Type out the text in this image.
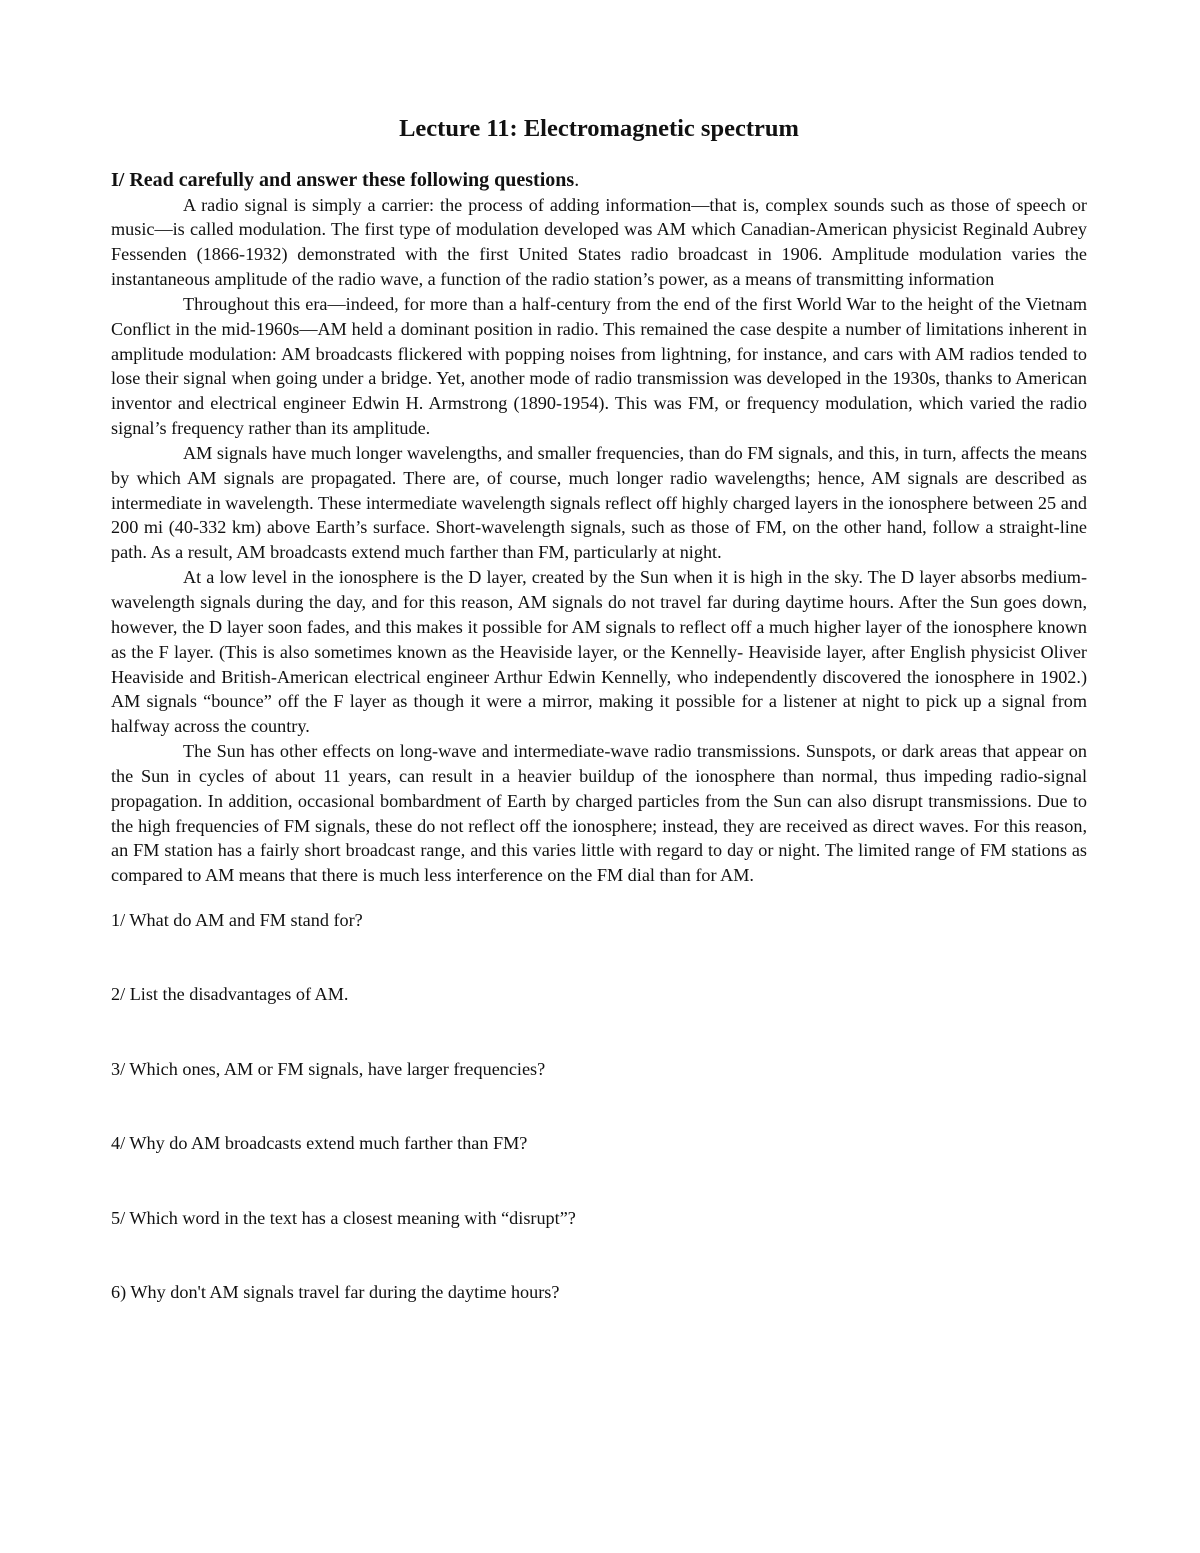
Lecture 11: Electromagnetic spectrum

I/ Read carefully and answer these following questions.

A radio signal is simply a carrier: the process of adding information—that is, complex sounds such as those of speech or music—is called modulation. The first type of modulation developed was AM which Canadian-American physicist Reginald Aubrey Fessenden (1866-1932) demonstrated with the first United States radio broadcast in 1906. Amplitude modulation varies the instantaneous amplitude of the radio wave, a function of the radio station’s power, as a means of transmitting information

Throughout this era—indeed, for more than a half-century from the end of the first World War to the height of the Vietnam Conflict in the mid-1960s—AM held a dominant position in radio. This remained the case despite a number of limitations inherent in amplitude modulation: AM broadcasts flickered with popping noises from lightning, for instance, and cars with AM radios tended to lose their signal when going under a bridge. Yet, another mode of radio transmission was developed in the 1930s, thanks to American inventor and electrical engineer Edwin H. Armstrong (1890-1954). This was FM, or frequency modulation, which varied the radio signal’s frequency rather than its amplitude.

AM signals have much longer wavelengths, and smaller frequencies, than do FM signals, and this, in turn, affects the means by which AM signals are propagated. There are, of course, much longer radio wavelengths; hence, AM signals are described as intermediate in wavelength. These intermediate wavelength signals reflect off highly charged layers in the ionosphere between 25 and 200 mi (40-332 km) above Earth’s surface. Short-wavelength signals, such as those of FM, on the other hand, follow a straight-line path. As a result, AM broadcasts extend much farther than FM, particularly at night.

At a low level in the ionosphere is the D layer, created by the Sun when it is high in the sky. The D layer absorbs medium-wavelength signals during the day, and for this reason, AM signals do not travel far during daytime hours. After the Sun goes down, however, the D layer soon fades, and this makes it possible for AM signals to reflect off a much higher layer of the ionosphere known as the F layer. (This is also sometimes known as the Heaviside layer, or the Kennelly- Heaviside layer, after English physicist Oliver Heaviside and British-American electrical engineer Arthur Edwin Kennelly, who independently discovered the ionosphere in 1902.) AM signals “bounce” off the F layer as though it were a mirror, making it possible for a listener at night to pick up a signal from halfway across the country.

The Sun has other effects on long-wave and intermediate-wave radio transmissions. Sunspots, or dark areas that appear on the Sun in cycles of about 11 years, can result in a heavier buildup of the ionosphere than normal, thus impeding radio-signal propagation. In addition, occasional bombardment of Earth by charged particles from the Sun can also disrupt transmissions. Due to the high frequencies of FM signals, these do not reflect off the ionosphere; instead, they are received as direct waves. For this reason, an FM station has a fairly short broadcast range, and this varies little with regard to day or night. The limited range of FM stations as compared to AM means that there is much less interference on the FM dial than for AM.

1/ What do AM and FM stand for?

2/ List the disadvantages of AM.

3/ Which ones, AM or FM signals, have larger frequencies?

4/ Why do AM broadcasts extend much farther than FM?

5/ Which word in the text has a closest meaning with “disrupt”?

6) Why don't AM signals travel far during the daytime hours?
